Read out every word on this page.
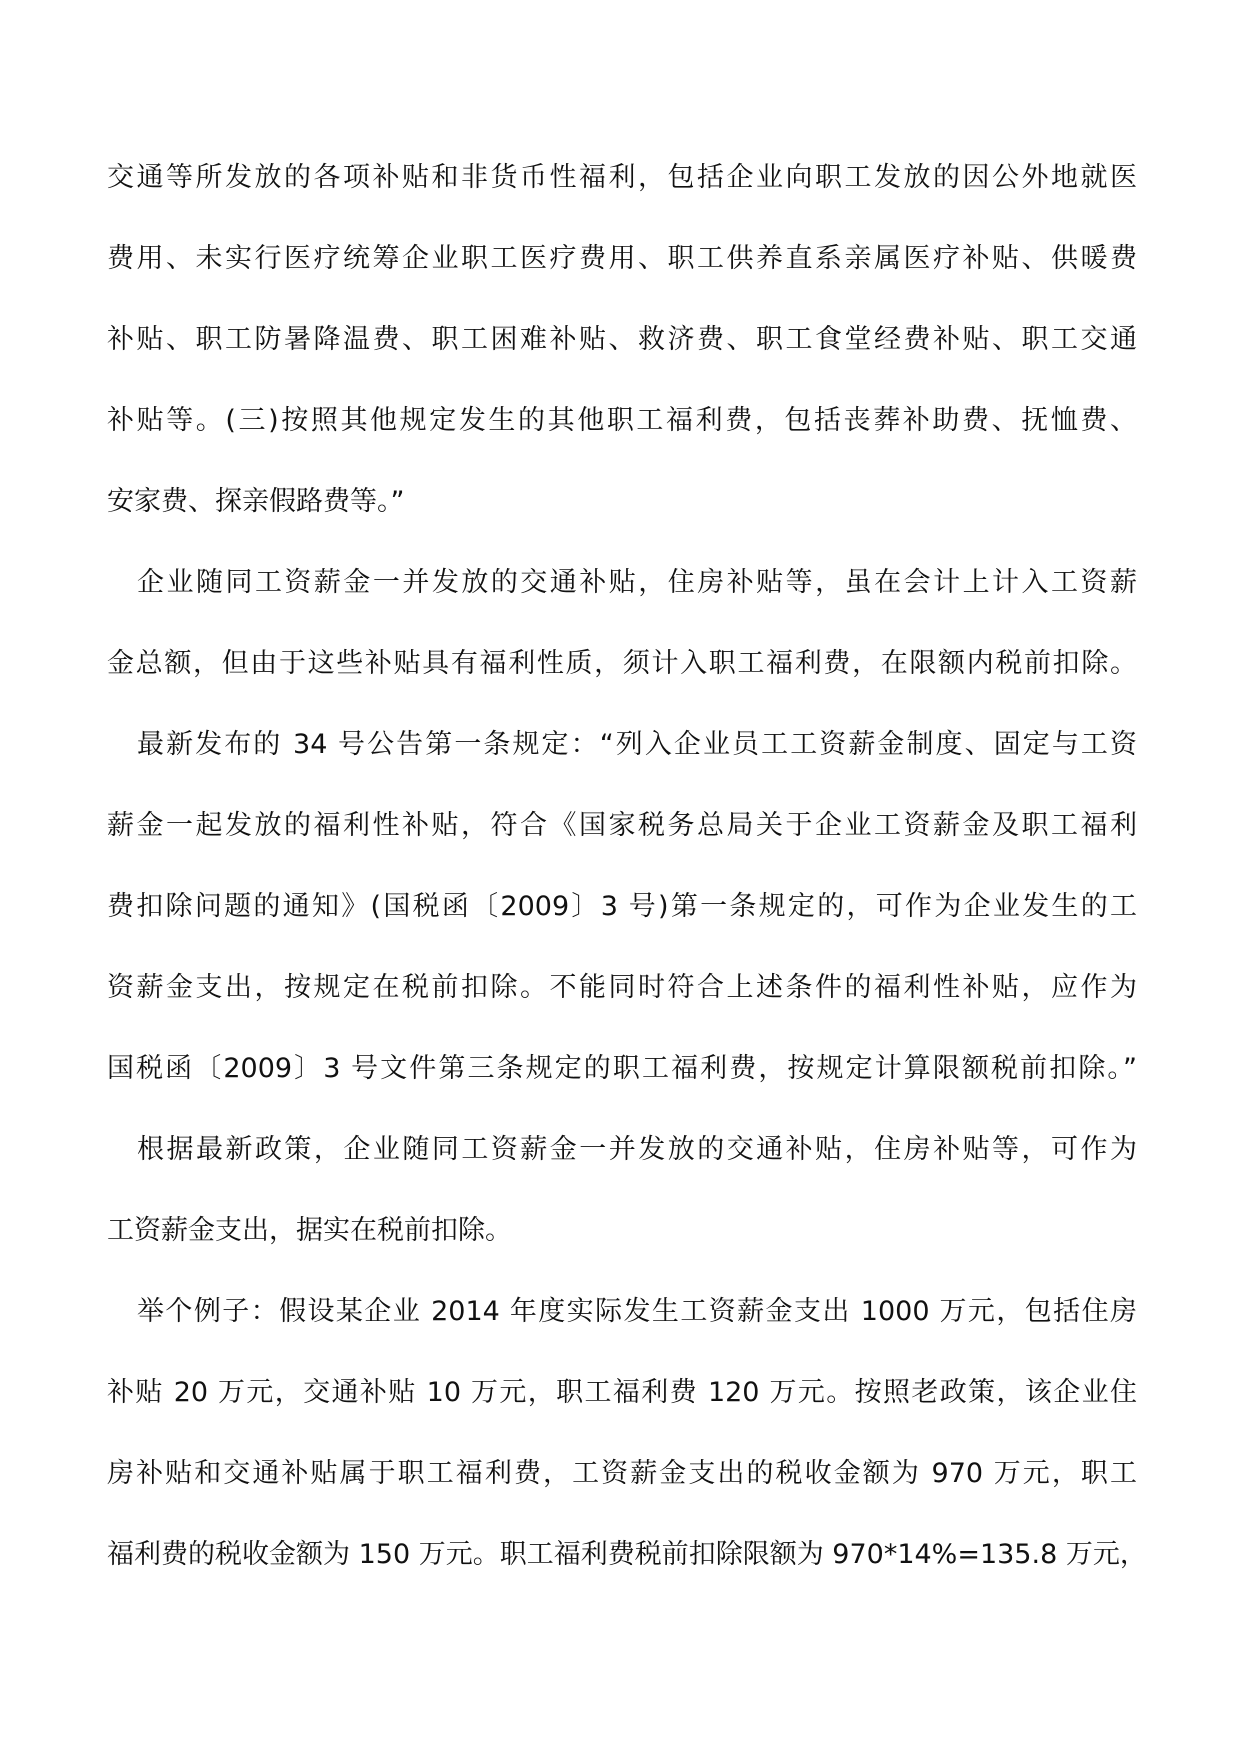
交通等所发放的各项补贴和非货币性福利，包括企业向职工发放的因公外地就医
费用、未实行医疗统筹企业职工医疗费用、职工供养直系亲属医疗补贴、供暖费
补贴、职工防暑降温费、职工困难补贴、救济费、职工食堂经费补贴、职工交通
补贴等。(三)按照其他规定发生的其他职工福利费，包括丧葬补助费、抚恤费、
安家费、探亲假路费等。”
企业随同工资薪金一并发放的交通补贴，住房补贴等，虽在会计上计入工资薪
金总额，但由于这些补贴具有福利性质，须计入职工福利费，在限额内税前扣除。
最新发布的 34 号公告第一条规定：“列入企业员工工资薪金制度、固定与工资
薪金一起发放的福利性补贴，符合《国家税务总局关于企业工资薪金及职工福利
费扣除问题的通知》(国税函〔2009〕3 号)第一条规定的，可作为企业发生的工
资薪金支出，按规定在税前扣除。不能同时符合上述条件的福利性补贴，应作为
国税函〔2009〕3 号文件第三条规定的职工福利费，按规定计算限额税前扣除。”
根据最新政策，企业随同工资薪金一并发放的交通补贴，住房补贴等，可作为
工资薪金支出，据实在税前扣除。
举个例子：假设某企业 2014 年度实际发生工资薪金支出 1000 万元，包括住房
补贴 20 万元，交通补贴 10 万元，职工福利费 120 万元。按照老政策，该企业住
房补贴和交通补贴属于职工福利费，工资薪金支出的税收金额为 970 万元，职工
福利费的税收金额为 150 万元。职工福利费税前扣除限额为 970*14%=135.8 万元，
